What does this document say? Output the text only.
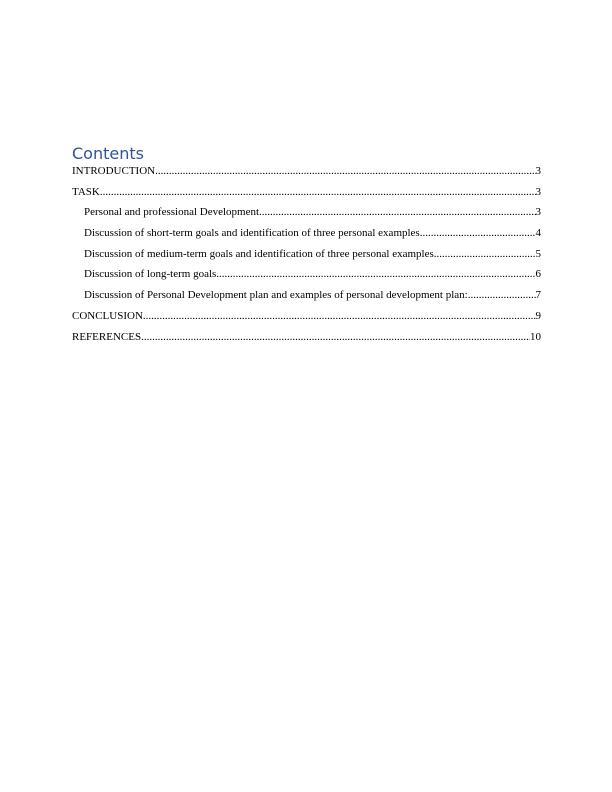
Contents
INTRODUCTION .....	3
TASK .....	3
Personal and professional Development .....	3
Discussion of short-term goals and identification of three personal examples .....	4
Discussion of medium-term goals and identification of three personal examples .....	5
Discussion of long-term goals .....	6
Discussion of Personal Development plan and examples of personal development plan: .....	7
CONCLUSION .....	9
REFERENCES .....	10
